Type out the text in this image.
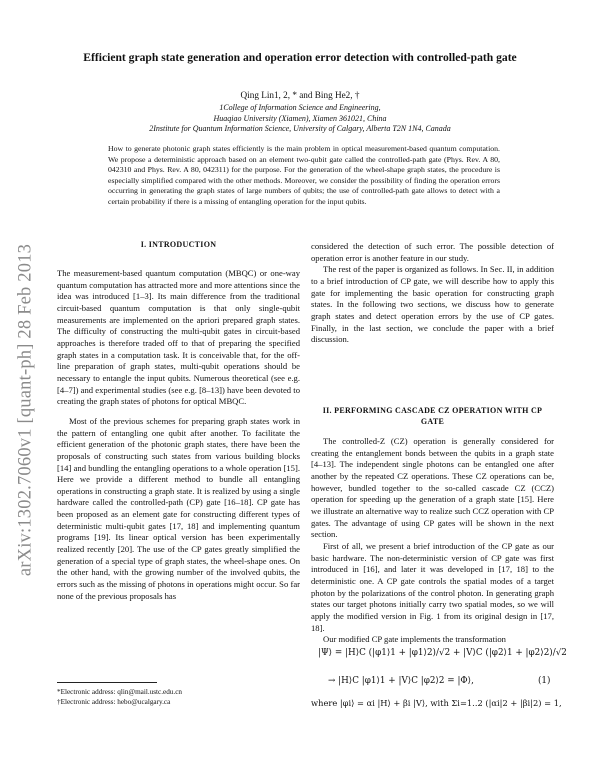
arXiv:1302.7060v1 [quant-ph] 28 Feb 2013
Efficient graph state generation and operation error detection with controlled-path gate
Qing Lin1, 2, * and Bing He2, †
1College of Information Science and Engineering,
Huaqiao University (Xiamen), Xiamen 361021, China
2Institute for Quantum Information Science, University of Calgary, Alberta T2N 1N4, Canada
How to generate photonic graph states efficiently is the main problem in optical measurement-based quantum computation. We propose a deterministic approach based on an element two-qubit gate called the controlled-path gate (Phys. Rev. A 80, 042310 and Phys. Rev. A 80, 042311) for the purpose. For the generation of the wheel-shape graph states, the procedure is especially simplified compared with the other methods. Moreover, we consider the possibility of finding the operation errors occurring in generating the graph states of large numbers of qubits; the use of controlled-path gate allows to detect with a certain probability if there is a missing of entangling operation for the input qubits.
I. INTRODUCTION

The measurement-based quantum computation (MBQC) or one-way quantum computation has attracted more and more attentions since the idea was introduced [1–3]. Its main difference from the traditional circuit-based quantum computation is that only single-qubit measurements are implemented on the apriori prepared graph states. The difficulty of constructing the multi-qubit gates in circuit-based approaches is therefore traded off to that of preparing the specified graph states in a computation task. It is conceivable that, for the off-line preparation of graph states, multi-qubit operations should be necessary to entangle the input qubits. Numerous theoretical (see e.g. [4–7]) and experimental studies (see e.g. [8–13]) have been devoted to creating the graph states of photons for optical MBQC.

Most of the previous schemes for preparing graph states work in the pattern of entangling one qubit after another. To facilitate the efficient generation of the photonic graph states, there have been the proposals of constructing such states from various building blocks [14] and bundling the entangling operations to a whole operation [15]. Here we provide a different method to bundle all entangling operations in constructing a graph state. It is realized by using a single hardware called the controlled-path (CP) gate [16–18]. CP gate has been proposed as an element gate for constructing different types of deterministic multi-qubit gates [17, 18] and implementing quantum programs [19]. Its linear optical version has been experimentally realized recently [20]. The use of the CP gates greatly simplified the generation of a special type of graph states, the wheel-shape ones. On the other hand, with the growing number of the involved qubits, the errors such as the missing of photons in operations might occur. So far none of the previous proposals has

considered the detection of such error. The possible detection of operation error is another feature in our study.

The rest of the paper is organized as follows. In Sec. II, in addition to a brief introduction of CP gate, we will describe how to apply this gate for implementing the basic operation for constructing graph states. In the following two sections, we discuss how to generate graph states and detect operation errors by the use of CP gates. Finally, in the last section, we conclude the paper with a brief discussion.

II. PERFORMING CASCADE CZ OPERATION WITH CP GATE

The controlled-Z (CZ) operation is generally considered for creating the entanglement bonds between the qubits in a graph state [4–13]. The independent single photons can be entangled one after another by the repeated CZ operations. These CZ operations can be, however, bundled together to the so-called cascade CZ (CCZ) operation for speeding up the generation of a graph state [15]. Here we illustrate an alternative way to realize such CCZ operation with CP gates. The advantage of using CP gates will be shown in the next section.

First of all, we present a brief introduction of the CP gate as our basic hardware. The non-deterministic version of CP gate was first introduced in [16], and later it was developed in [17, 18] to the deterministic one. A CP gate controls the spatial modes of a target photon by the polarizations of the control photon. In generating graph states our target photons initially carry two spatial modes, so we will apply the modified version in Fig. 1 from its original design in [17, 18].

Our modified CP gate implements the transformation

|Ψ⟩ = |H⟩C (|φ1⟩1 + |φ1⟩2)/√2 + |V⟩C (|φ2⟩1 + |φ2⟩2)/√2
→ |H⟩C |φ1⟩1 + |V⟩C |φ2⟩2 = |Φ⟩,	(1)
where |φi⟩ = αi |H⟩ + βi |V⟩, with Σi=1..2 (|αi|2 + |βi|2) = 1,
*Electronic address: qlin@mail.ustc.edu.cn
†Electronic address: hebo@ucalgary.ca
